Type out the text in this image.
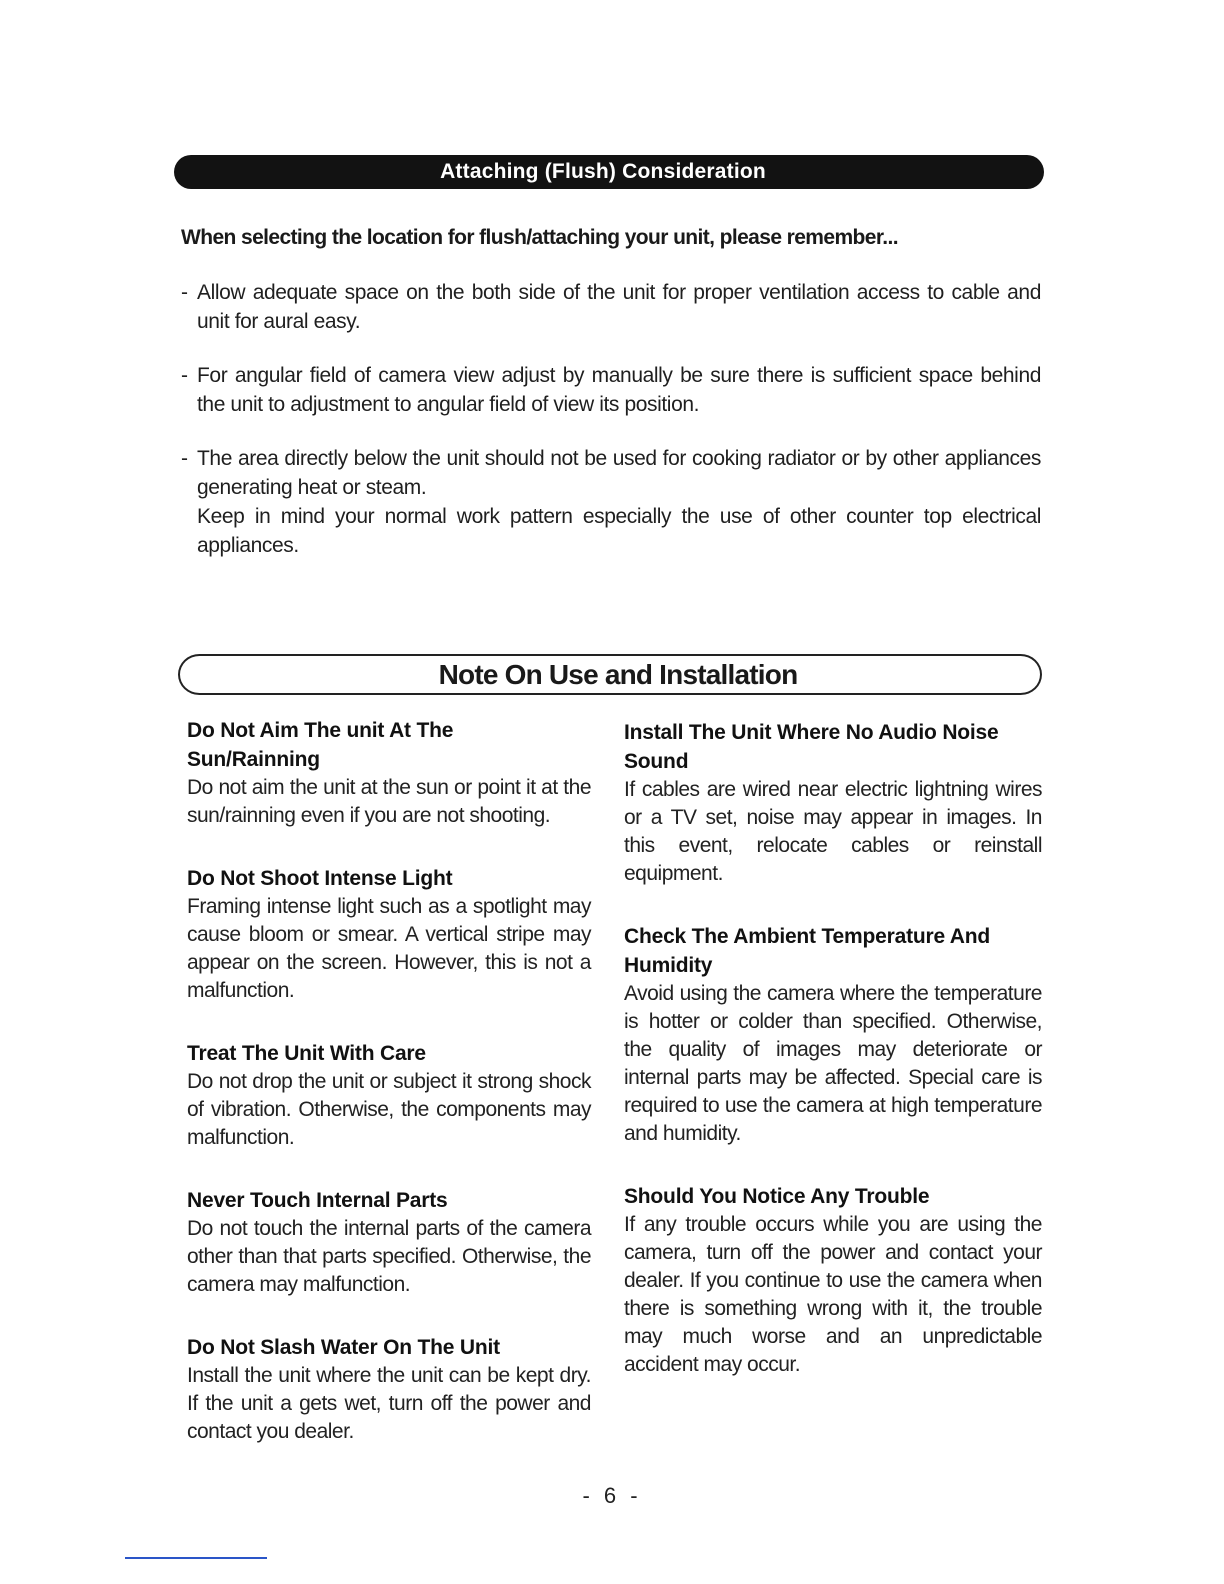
Attaching (Flush) Consideration
When selecting the location for flush/attaching your unit, please remember...
- Allow adequate space on the both side of the unit for proper ventilation access to cable and unit for aural easy.

- For angular field of camera view adjust by manually be sure there is sufficient space behind the unit to adjustment to angular field of view its position.

- The area directly below the unit should not be used for cooking radiator or by other appliances generating heat or steam.

Keep in mind your normal work pattern especially the use of other counter top electrical appliances.

Note On Use and Installation
Do Not Aim The unit At The Sun/Rainning

Do not aim the unit at the sun or point it at the sun/rainning even if you are not shooting.

Do Not Shoot Intense Light

Framing intense light such as a spotlight may cause bloom or smear. A vertical stripe may appear on the screen. However, this is not a malfunction.

Treat The Unit With Care

Do not drop the unit or subject it strong shock of vibration. Otherwise, the components may malfunction.

Never Touch Internal Parts

Do not touch the internal parts of the camera other than that parts specified. Otherwise, the camera may malfunction.

Do Not Slash Water On The Unit

Install the unit where the unit can be kept dry. If the unit a gets wet, turn off the power and contact you dealer.

Install The Unit Where No Audio Noise Sound

If cables are wired near electric lightning wires or a TV set, noise may appear in images. In this event, relocate cables or reinstall equipment.

Check The Ambient Temperature And Humidity

Avoid using the camera where the temperature is hotter or colder than specified. Otherwise, the quality of images may deteriorate or internal parts may be affected. Special care is required to use the camera at high temperature and humidity.

Should You Notice Any Trouble

If any trouble occurs while you are using the camera, turn off the power and contact your dealer. If you continue to use the camera when there is something wrong with it, the trouble may much worse and an unpredictable accident may occur.

- 6 -
